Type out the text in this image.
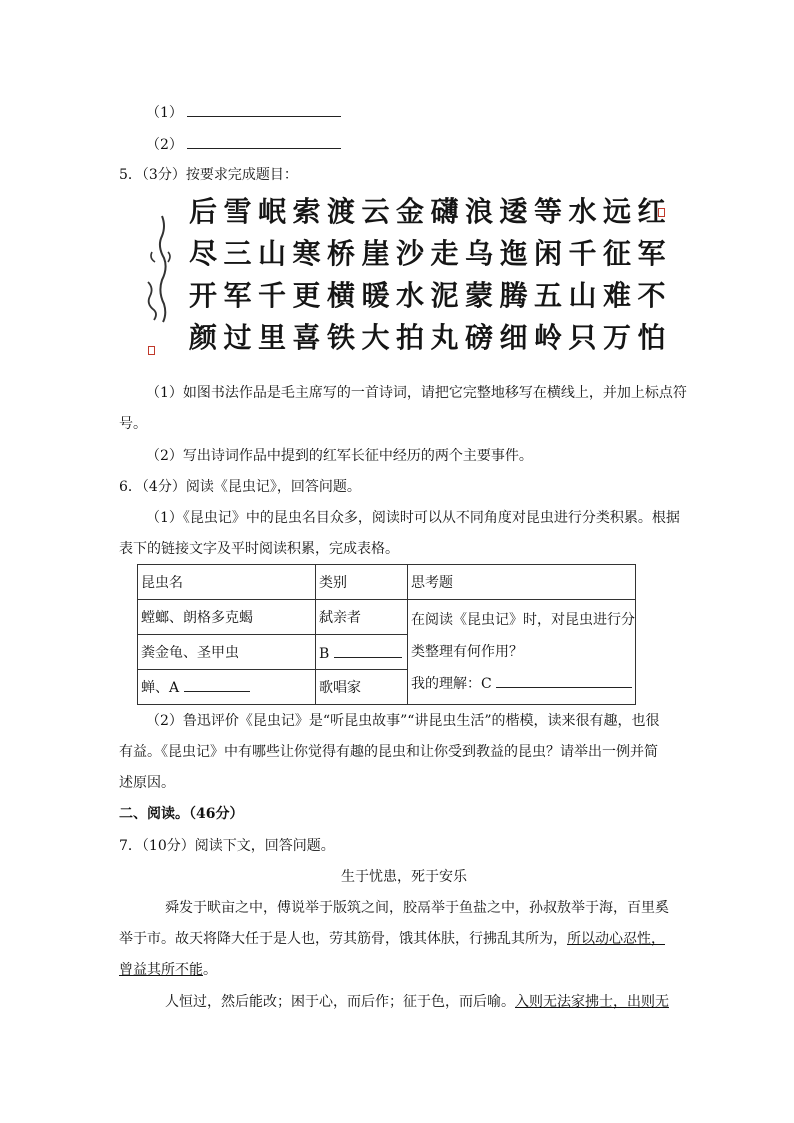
（1）
（2）
5．（3分）按要求完成题目：
红
军
不
怕
远
征
难
万
水
千
山
只
等
闲
五
岭
逶
迤
腾
细
浪
乌
蒙
磅
礴
走
泥
丸
金
沙
水
拍
云
崖
暖
大
渡
桥
横
铁
索
寒
更
喜
岷
山
千
里
雪
三
军
过
后
尽
开
颜
（1）如图书法作品是毛主席写的一首诗词，请把它完整地移写在横线上，并加上标点符
号。
（2）写出诗词作品中提到的红军长征中经历的两个主要事件。
6．（4分）阅读《昆虫记》，回答问题。
（1）《昆虫记》中的昆虫名目众多，阅读时可以从不同角度对昆虫进行分类积累。根据
表下的链接文字及平时阅读积累，完成表格。
昆虫名	类别	思考题
螳螂、朗格多克蝎	弑亲者	在阅读《昆虫记》时，对昆虫进行分
类整理有何作用？
我的理解：C

粪金龟、圣甲虫	B	
蝉、A	歌唱家	
（2）鲁迅评价《昆虫记》是“听昆虫故事”“讲昆虫生活”的楷模，读来很有趣，也很
有益。《昆虫记》中有哪些让你觉得有趣的昆虫和让你受到教益的昆虫？请举出一例并简
述原因。
二、阅读。（46分）
7．（10分）阅读下文，回答问题。
生于忧患，死于安乐
舜发于畎亩之中，傅说举于版筑之间，胶鬲举于鱼盐之中，孙叔敖举于海，百里奚
举于市。故天将降大任于是人也，劳其筋骨，饿其体肤，行拂乱其所为，所以动心忍性，
曾益其所不能。
人恒过，然后能改；困于心，而后作；征于色，而后喻。入则无法家拂士，出则无
